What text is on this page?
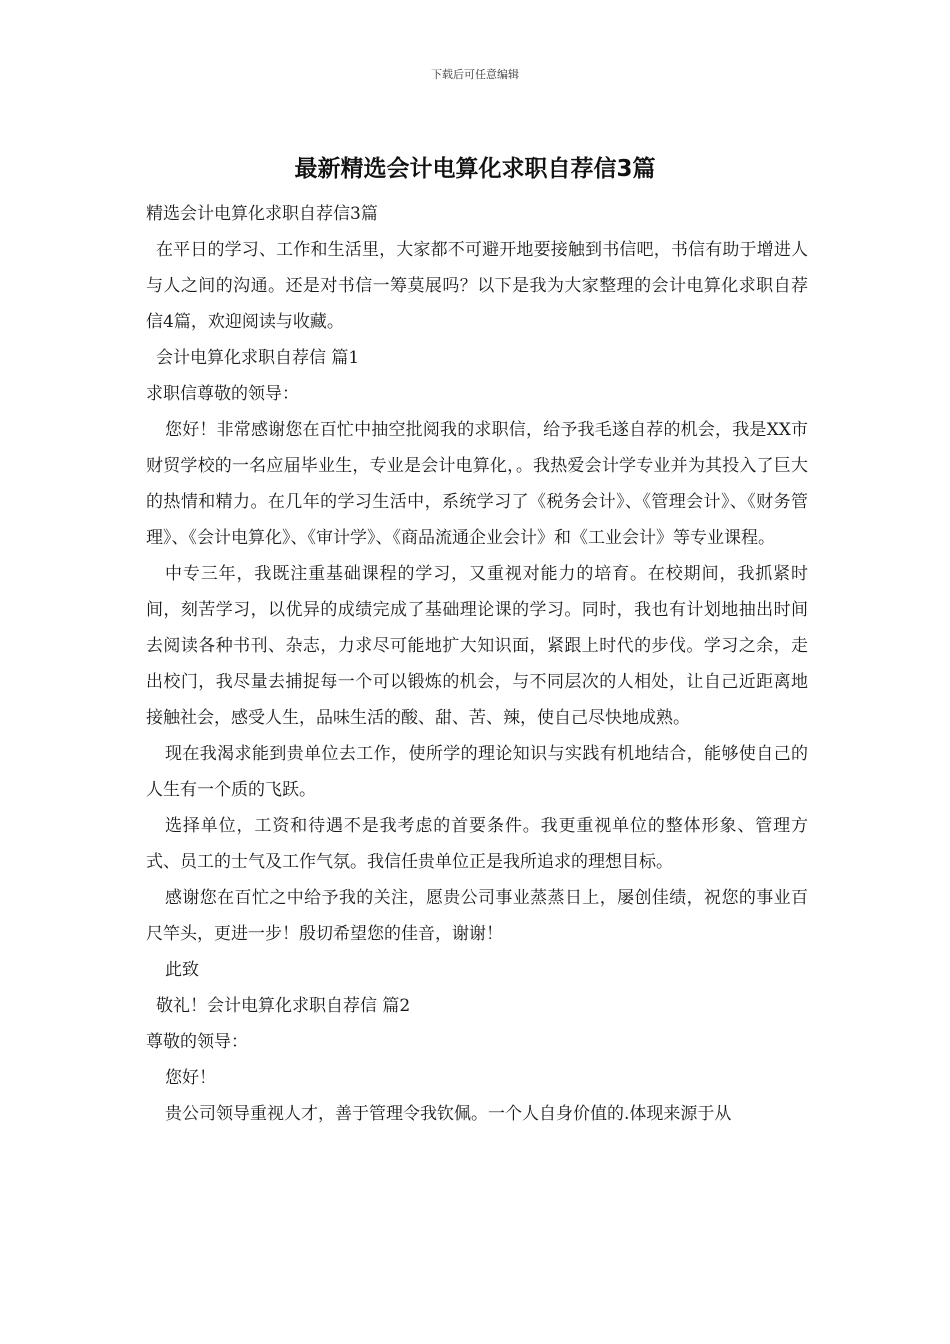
下载后可任意编辑
最新精选会计电算化求职自荐信3篇

精选会计电算化求职自荐信3篇

在平日的学习、工作和生活里，大家都不可避开地要接触到书信吧，书信有助于增进人与人之间的沟通。还是对书信一筹莫展吗？以下是我为大家整理的会计电算化求职自荐信4篇，欢迎阅读与收藏。

会计电算化求职自荐信 篇1

求职信尊敬的领导：

您好！非常感谢您在百忙中抽空批阅我的求职信，给予我毛遂自荐的机会，我是XX市财贸学校的一名应届毕业生，专业是会计电算化，。我热爱会计学专业并为其投入了巨大的热情和精力。在几年的学习生活中，系统学习了《税务会计》、《管理会计》、《财务管理》、《会计电算化》、《审计学》、《商品流通企业会计》和《工业会计》等专业课程。

中专三年，我既注重基础课程的学习，又重视对能力的培育。在校期间，我抓紧时间，刻苦学习，以优异的成绩完成了基础理论课的学习。同时，我也有计划地抽出时间去阅读各种书刊、杂志，力求尽可能地扩大知识面，紧跟上时代的步伐。学习之余，走出校门，我尽量去捕捉每一个可以锻炼的机会，与不同层次的人相处，让自己近距离地接触社会，感受人生，品味生活的酸、甜、苦、辣，使自己尽快地成熟。

现在我渴求能到贵单位去工作，使所学的理论知识与实践有机地结合，能够使自己的人生有一个质的飞跃。

选择单位，工资和待遇不是我考虑的首要条件。我更重视单位的整体形象、管理方式、员工的士气及工作气氛。我信任贵单位正是我所追求的理想目标。

感谢您在百忙之中给予我的关注，愿贵公司事业蒸蒸日上，屡创佳绩，祝您的事业百尺竿头，更进一步！殷切希望您的佳音，谢谢！

此致

敬礼！会计电算化求职自荐信 篇2

尊敬的领导：

您好！

贵公司领导重视人才，善于管理令我钦佩。一个人自身价值的.体现来源于从
